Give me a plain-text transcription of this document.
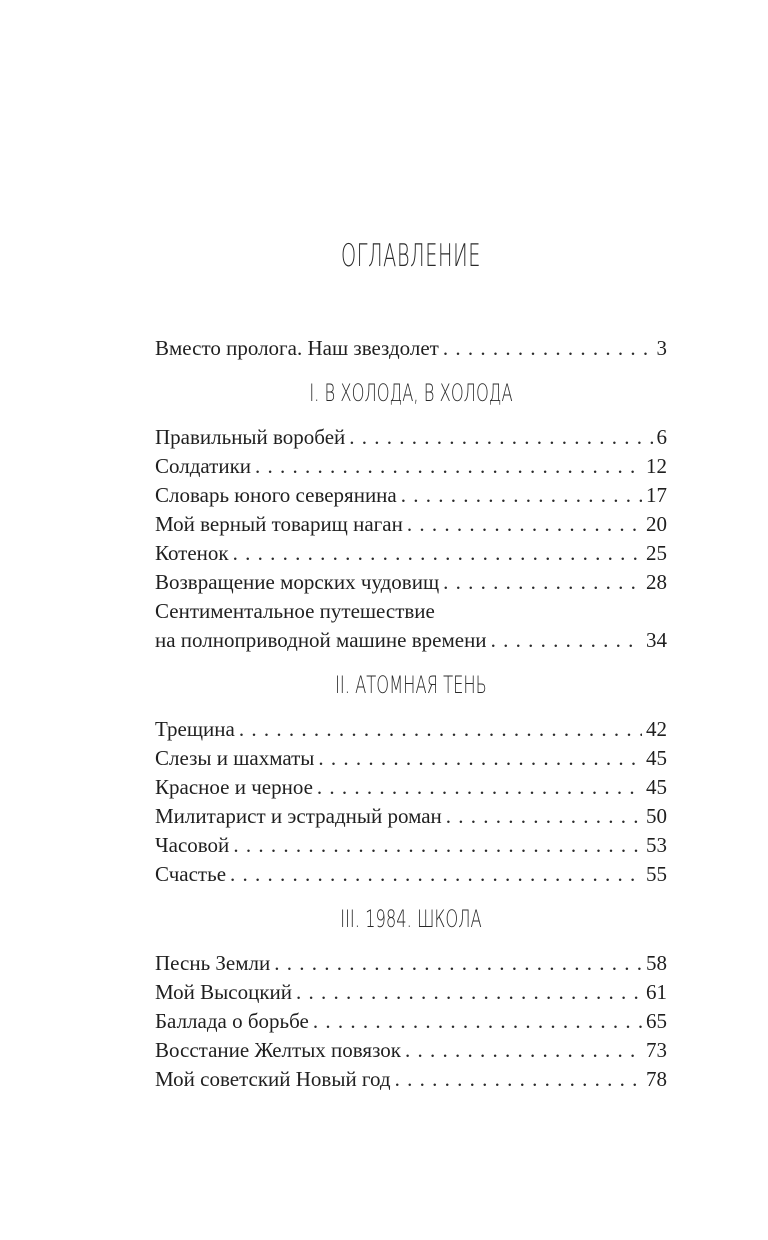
ОГЛАВЛЕНИЕ
Вместо пролога. Наш звездолет . . .	3
I. В ХОЛОДА, В ХОЛОДА
Правильный воробей . . .	6
Солдатики . . .	12
Словарь юного северянина . . .	17
Мой верный товарищ наган . . .	20
Котенок . . .	25
Возвращение морских чудовищ . . .	28
Сентиментальное путешествие
на полноприводной машине времени . . .	34
II. АТОМНАЯ ТЕНЬ
Трещина . . .	42
Слезы и шахматы . . .	45
Красное и черное . . .	45
Милитарист и эстрадный роман . . .	50
Часовой . . .	53
Счастье . . .	55
III. 1984. ШКОЛА
Песнь Земли . . .	58
Мой Высоцкий . . .	61
Баллада о борьбе . . .	65
Восстание Желтых повязок . . .	73
Мой советский Новый год . . .	78
